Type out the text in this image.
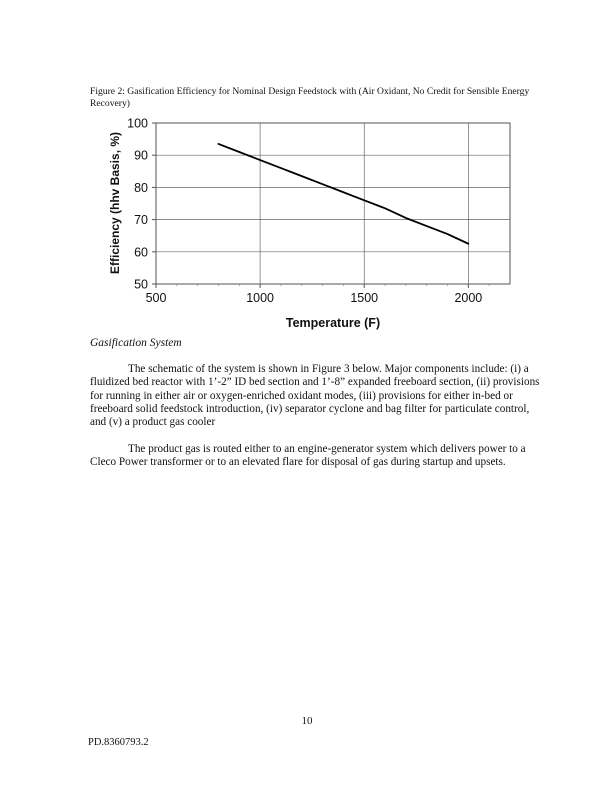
Figure 2: Gasification Efficiency for Nominal Design Feedstock with (Air Oxidant, No Credit for Sensible Energy Recovery)
50
60
70
80
90
100
500	1000	1500	2000
Temperature (F)
Efficiency (hhv Basis, %)
Gasification System

The schematic of the system is shown in Figure 3 below. Major components include: (i) a fluidized bed reactor with 1’-2” ID bed section and 1’-8” expanded freeboard section, (ii) provisions for running in either air or oxygen-enriched oxidant modes, (iii) provisions for either in-bed or freeboard solid feedstock introduction, (iv) separator cyclone and bag filter for particulate control, and (v) a product gas cooler

The product gas is routed either to an engine-generator system which delivers power to a Cleco Power transformer or to an elevated flare for disposal of gas during startup and upsets.

10
PD.8360793.2
